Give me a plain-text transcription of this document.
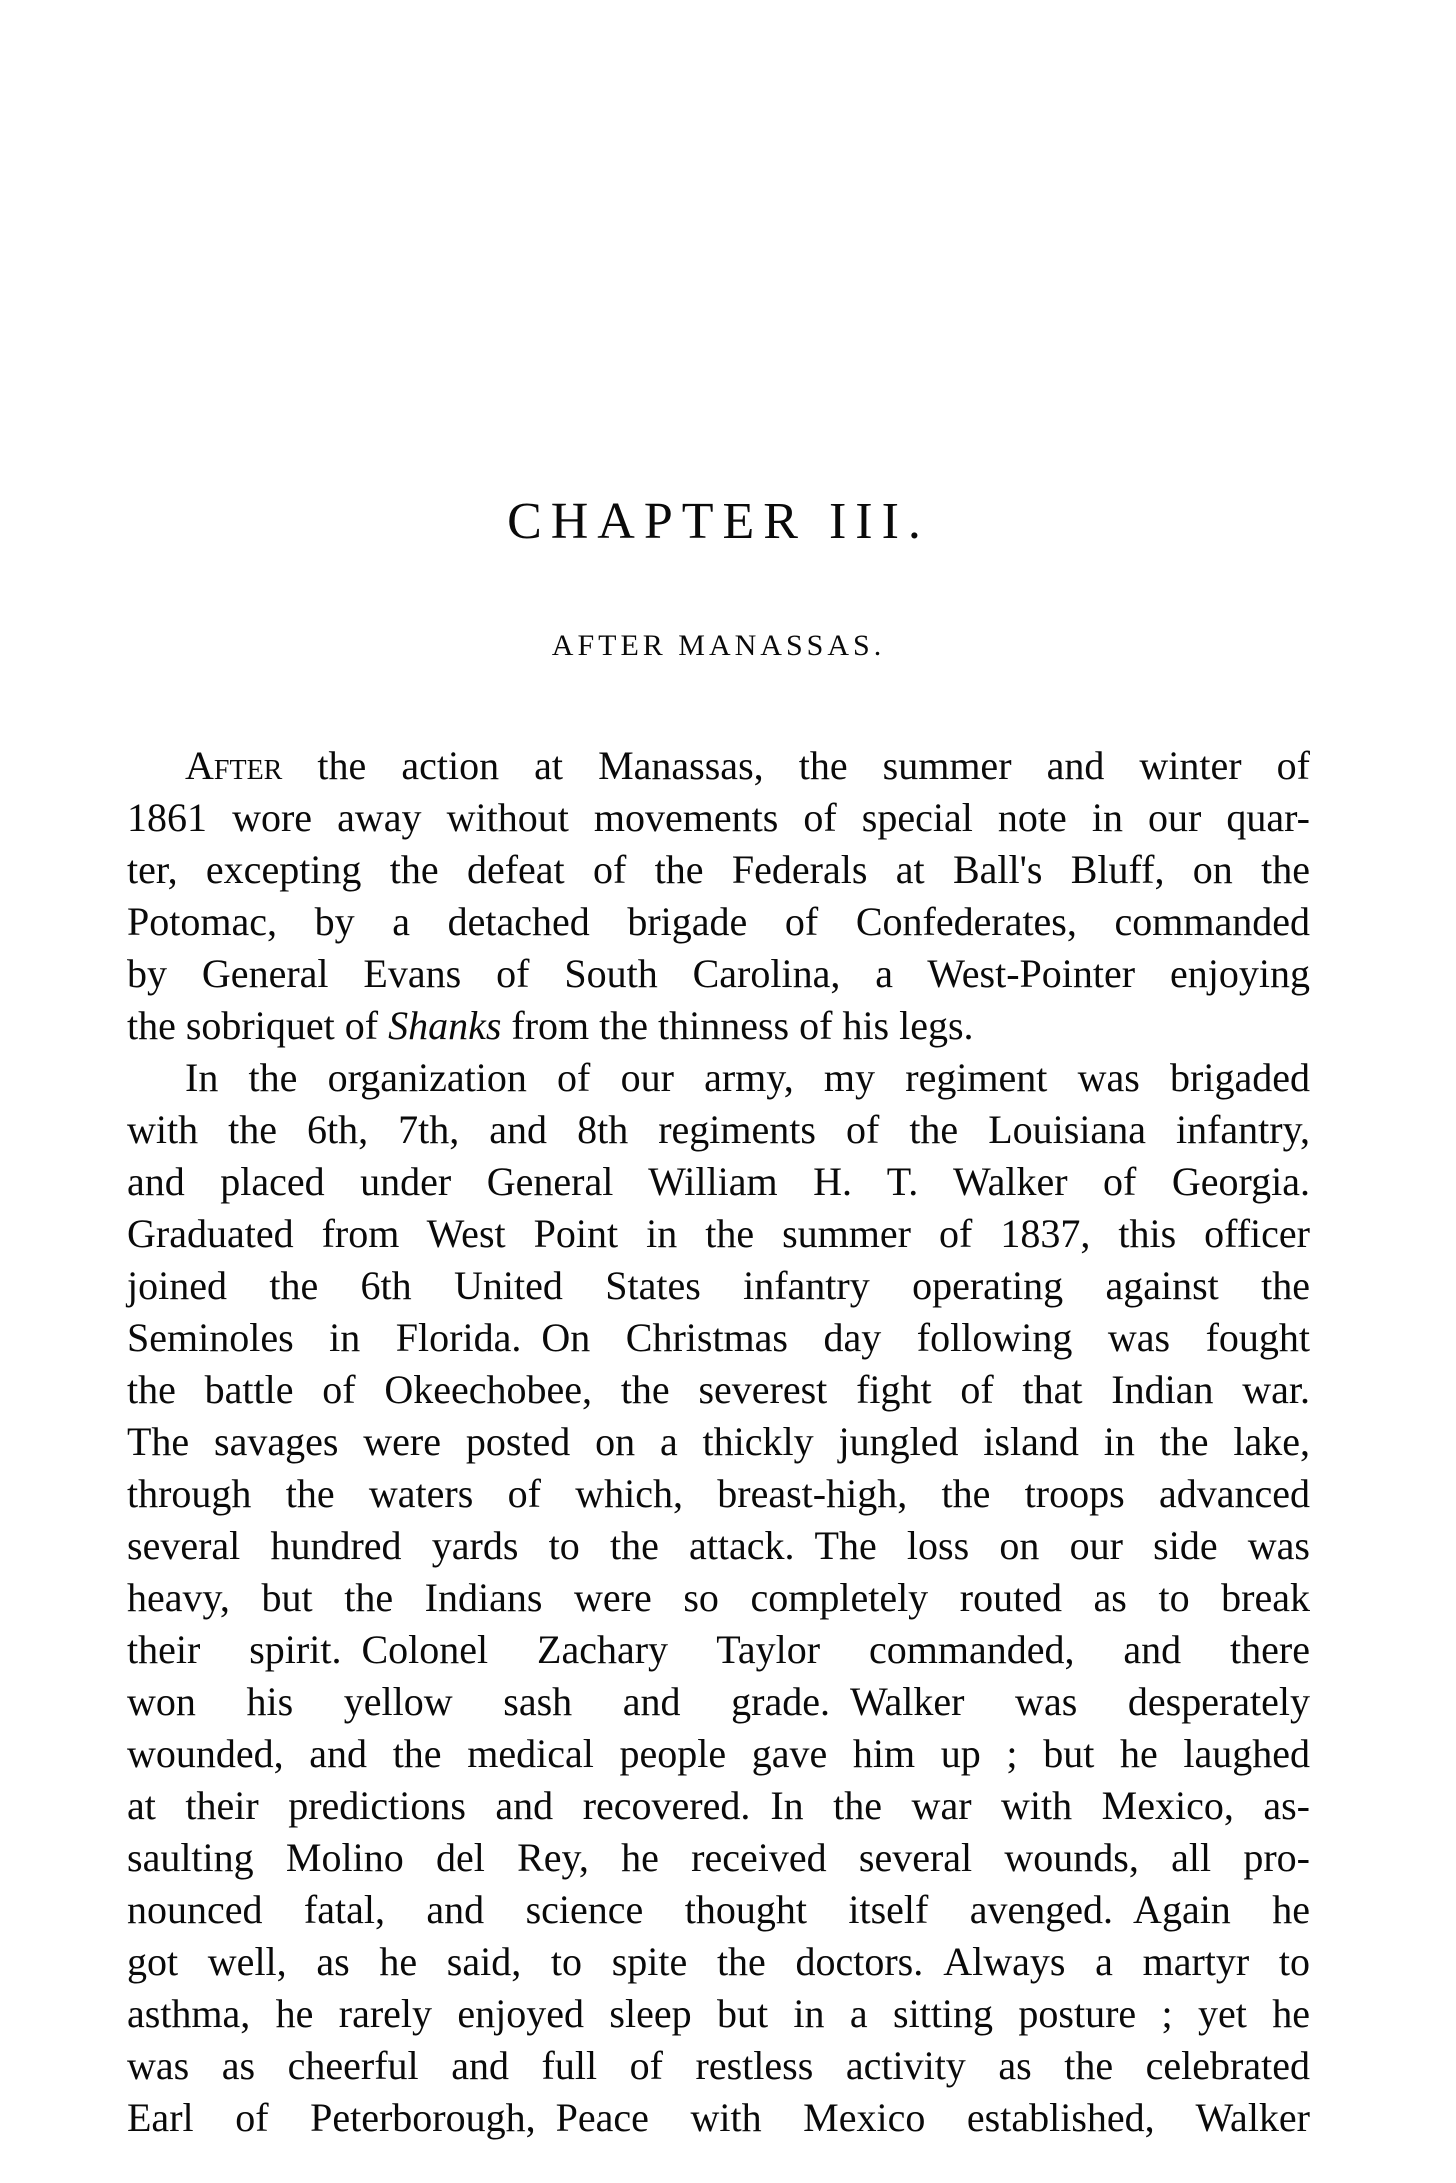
CHAPTER III.
AFTER MANASSAS.
After the action at Manassas, the summer and winter of
1861 wore away without movements of special note in our quar-
ter, excepting the defeat of the Federals at Ball's Bluff, on the
Potomac, by a detached brigade of Confederates, commanded
by General Evans of South Carolina, a West-Pointer enjoying
the sobriquet of Shanks from the thinness of his legs.
In the organization of our army, my regiment was brigaded
with the 6th, 7th, and 8th regiments of the Louisiana infantry,
and placed under General William H. T. Walker of Georgia.
Graduated from West Point in the summer of 1837, this officer
joined the 6th United States infantry operating against the
Seminoles in Florida. On Christmas day following was fought
the battle of Okeechobee, the severest fight of that Indian war.
The savages were posted on a thickly jungled island in the lake,
through the waters of which, breast-high, the troops advanced
several hundred yards to the attack. The loss on our side was
heavy, but the Indians were so completely routed as to break
their spirit. Colonel Zachary Taylor commanded, and there
won his yellow sash and grade. Walker was desperately
wounded, and the medical people gave him up ; but he laughed
at their predictions and recovered. In the war with Mexico, as-
saulting Molino del Rey, he received several wounds, all pro-
nounced fatal, and science thought itself avenged. Again he
got well, as he said, to spite the doctors. Always a martyr to
asthma, he rarely enjoyed sleep but in a sitting posture ; yet he
was as cheerful and full of restless activity as the celebrated
Earl of Peterborough, Peace with Mexico established, Walker
